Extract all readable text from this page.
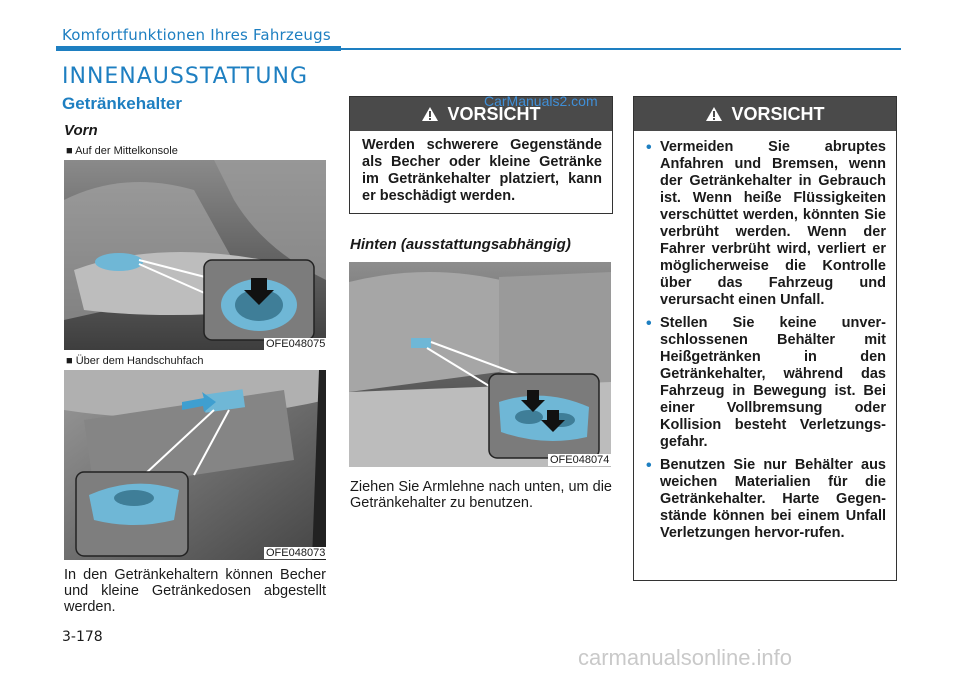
Komfortfunktionen Ihres Fahrzeugs
INNENAUSSTATTUNG
Getränkehalter
Vorn
■ Auf der Mittelkonsole
OFE048075
■ Über dem Handschuhfach
OFE048073
In den Getränkehaltern können Becher und kleine Getränkedosen abgestellt werden.
VORSICHT
Werden schwerere Gegenstände als Becher oder kleine Getränke im Getränkehalter platziert, kann er beschädigt werden.
Hinten (ausstattungsabhängig)
OFE048074
Ziehen Sie Armlehne nach unten, um die Getränkehalter zu benutzen.
VORSICHT
• Vermeiden Sie abruptes Anfahren und Bremsen, wenn der Getränkehalter in Gebrauch ist. Wenn heiße Flüssigkeiten verschüttet werden, könnten Sie verbrüht werden. Wenn der Fahrer verbrüht wird, verliert er möglicherweise die Kontrolle über das Fahrzeug und verursacht einen Unfall.
• Stellen Sie keine unver-schlossenen Behälter mit Heißgetränken in den Getränkehalter, während das Fahrzeug in Bewegung ist. Bei einer Vollbremsung oder Kollision besteht Verletzungs-gefahr.
• Benutzen Sie nur Behälter aus weichen Materialien für die Getränkehalter. Harte Gegen-stände können bei einem Unfall Verletzungen hervor-rufen.
3-178
CarManuals2.com
carmanualsonline.info
